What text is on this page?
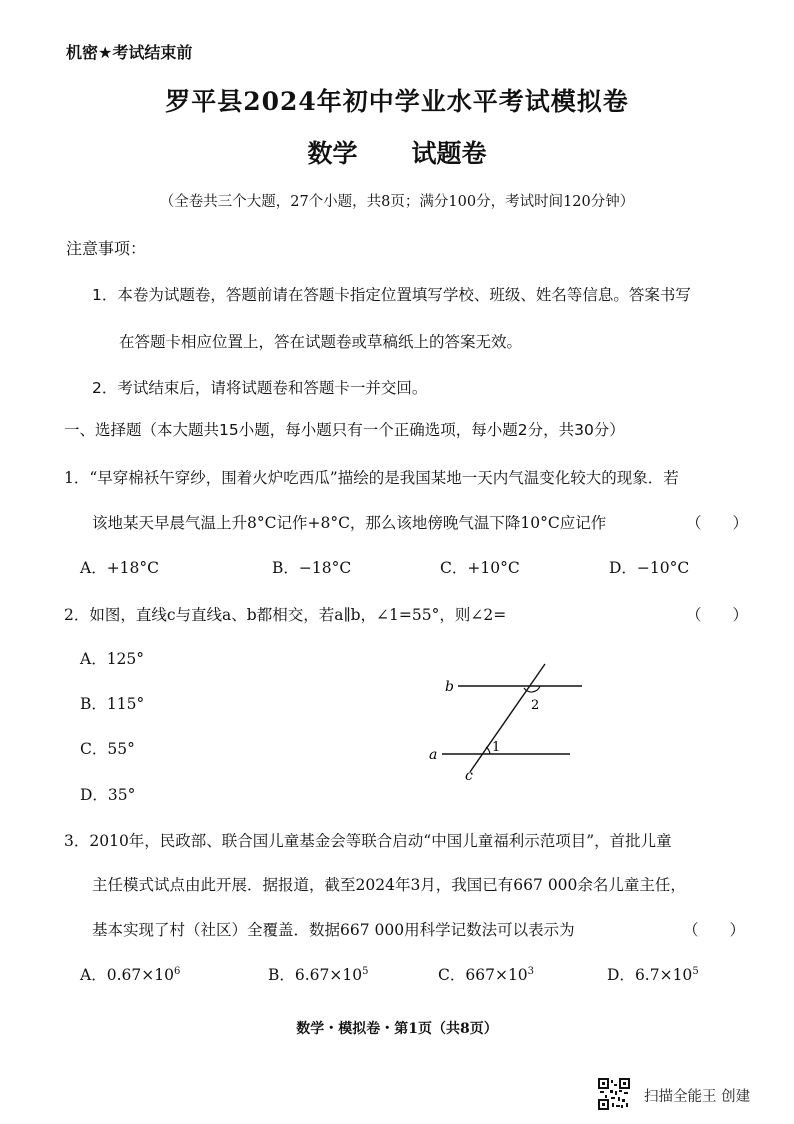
机密★考试结束前
罗平县2024年初中学业水平考试模拟卷
数学 试题卷
（全卷共三个大题，27个小题，共8页；满分100分，考试时间120分钟）
注意事项：
1．本卷为试题卷，答题前请在答题卡指定位置填写学校、班级、姓名等信息。答案书写
在答题卡相应位置上，答在试题卷或草稿纸上的答案无效。
2．考试结束后，请将试题卷和答题卡一并交回。
一、选择题（本大题共15小题，每小题只有一个正确选项，每小题2分，共30分）
1．“早穿棉袄午穿纱，围着火炉吃西瓜”描绘的是我国某地一天内气温变化较大的现象．若
该地某天早晨气温上升8°C记作+8°C，那么该地傍晚气温下降10°C应记作	（　　）
A．+18°C	B．−18°C	C．+10°C	D．−10°C
2．如图，直线c与直线a、b都相交，若a∥b，∠1=55°，则∠2=	（　　）
A．125°
B．115°
C．55°
D．35°
b
a
c
1
2
3．2010年，民政部、联合国儿童基金会等联合启动“中国儿童福利示范项目”，首批儿童
主任模式试点由此开展．据报道，截至2024年3月，我国已有667 000余名儿童主任，
基本实现了村（社区）全覆盖．数据667 000用科学记数法可以表示为	（　　）
A．$0.67\times 10^6$	B．$6.67\times 10^5$	C．$667\times 10^3$	D．$6.7\times 10^5$
数学・模拟卷・第1页（共8页）
扫描全能王 创建
